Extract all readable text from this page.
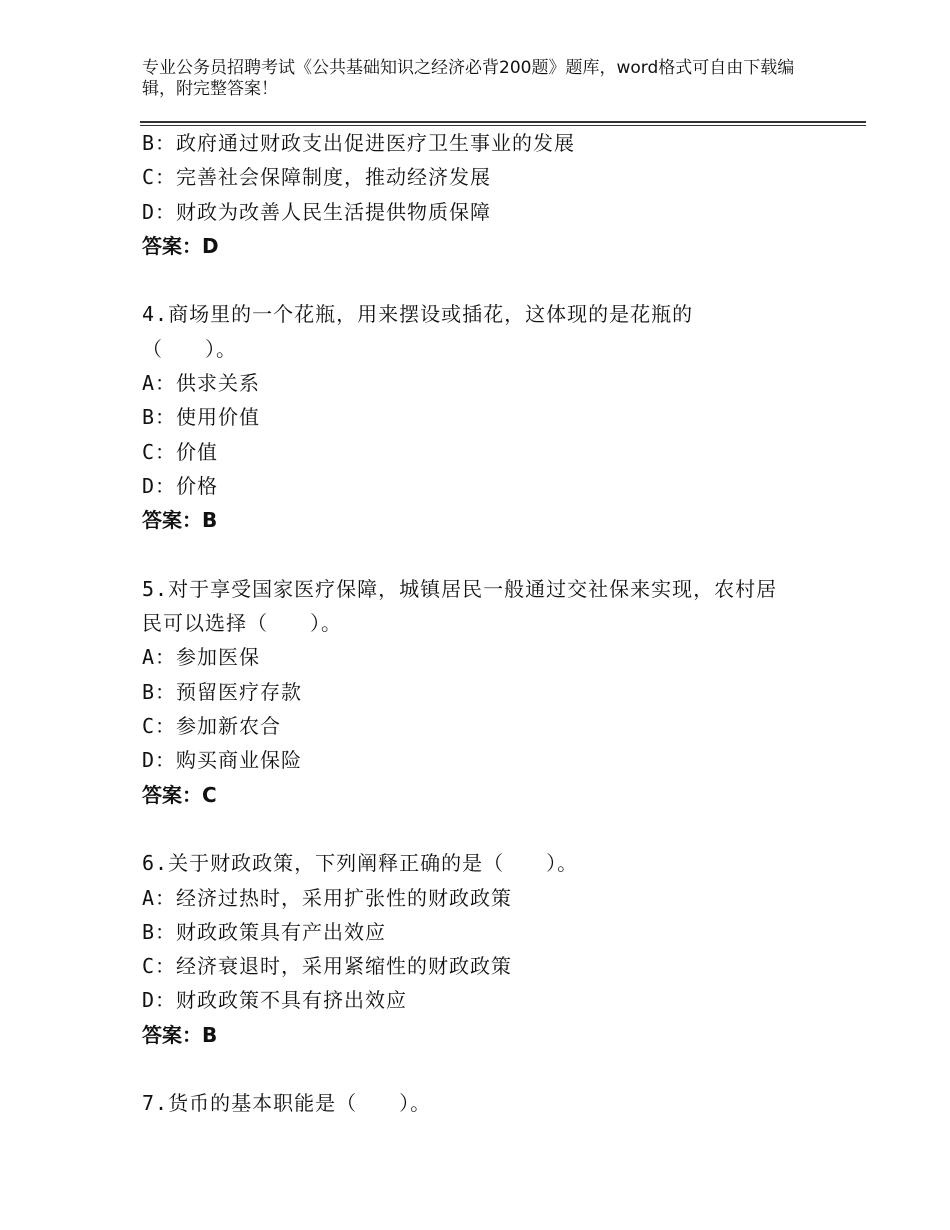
专业公务员招聘考试《公共基础知识之经济必背200题》题库，word格式可自由下载编辑，附完整答案！
B：政府通过财政支出促进医疗卫生事业的发展
C：完善社会保障制度，推动经济发展
D：财政为改善人民生活提供物质保障
答案：D
4.商场里的一个花瓶，用来摆设或插花，这体现的是花瓶的
（　　）。
A：供求关系
B：使用价值
C：价值
D：价格
答案：B
5.对于享受国家医疗保障，城镇居民一般通过交社保来实现，农村居
民可以选择（　　）。
A：参加医保
B：预留医疗存款
C：参加新农合
D：购买商业保险
答案：C
6.关于财政政策，下列阐释正确的是（　　）。
A：经济过热时，采用扩张性的财政政策
B：财政政策具有产出效应
C：经济衰退时，采用紧缩性的财政政策
D：财政政策不具有挤出效应
答案：B
7.货币的基本职能是（　　）。
